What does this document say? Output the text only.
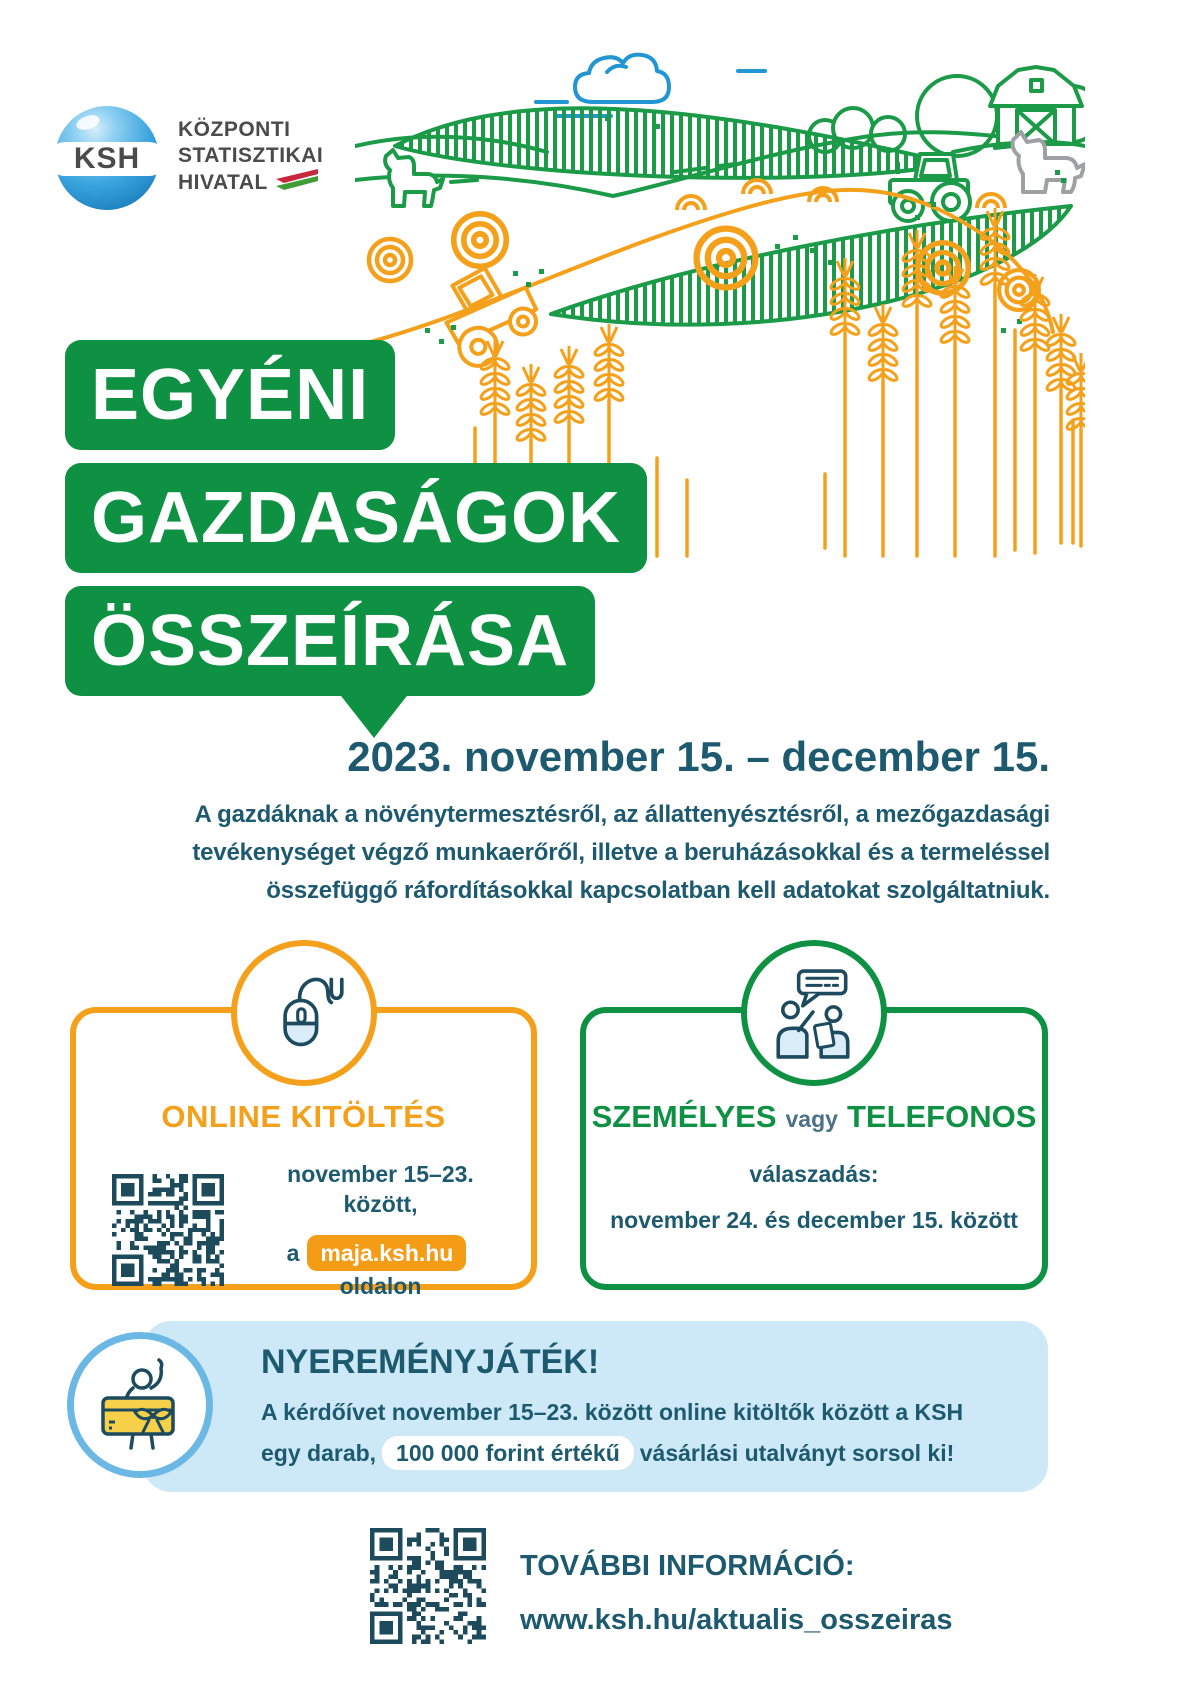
KSH
KÖZPONTI
STATISZTIKAI
HIVATAL
EGYÉNI
GAZDASÁGOK
ÖSSZEÍRÁSA
2023. november 15. – december 15.
A gazdáknak a növénytermesztésről, az állattenyésztésről, a mezőgazdasági
tevékenységet végző munkaerőről, illetve a beruházásokkal és a termeléssel
összefüggő ráfordításokkal kapcsolatban kell adatokat szolgáltatniuk.
ONLINE KITÖLTÉS
november 15–23. között,
a maja.ksh.huoldalon
SZEMÉLYES vagy TELEFONOS
válaszadás:
november 24. és december 15. között
NYEREMÉNYJÁTÉK!
A kérdőívet november 15–23. között online kitöltők között a KSH
egy darab, 100 000 forint értékű vásárlási utalványt sorsol ki!
TOVÁBBI INFORMÁCIÓ:
www.ksh.hu/aktualis_osszeiras
